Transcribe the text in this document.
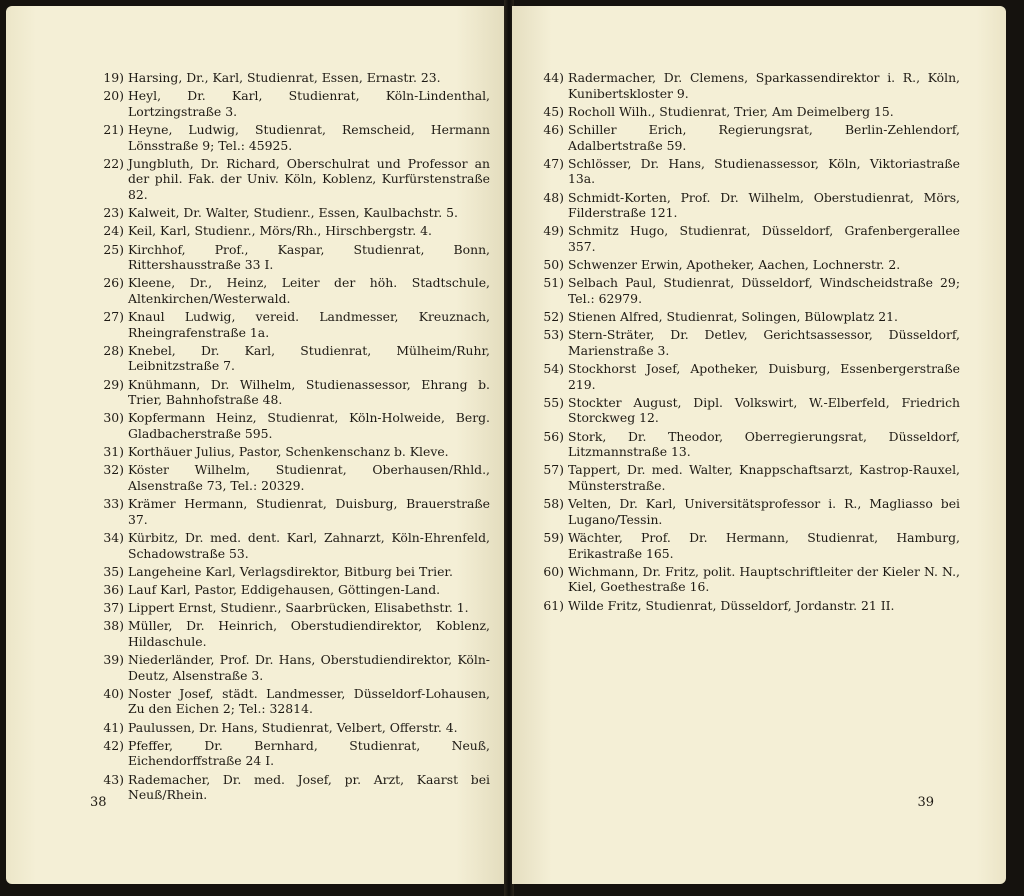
19) Harsing, Dr., Karl, Studienrat, Essen, Ernastr. 23.
20) Heyl, Dr. Karl, Studienrat, Köln-Lindenthal, Lortzingstraße 3.
21) Heyne, Ludwig, Studienrat, Remscheid, Hermann Lönsstraße 9; Tel.: 45925.
22) Jungbluth, Dr. Richard, Oberschulrat und Professor an der phil. Fak. der Univ. Köln, Koblenz, Kurfürstenstraße 82.
23) Kalweit, Dr. Walter, Studienr., Essen, Kaulbachstr. 5.
24) Keil, Karl, Studienr., Mörs/Rh., Hirschbergstr. 4.
25) Kirchhof, Prof., Kaspar, Studienrat, Bonn, Rittershausstraße 33 I.
26) Kleene, Dr., Heinz, Leiter der höh. Stadtschule, Altenkirchen/Westerwald.
27) Knaul Ludwig, vereid. Landmesser, Kreuznach, Rheingrafenstraße 1a.
28) Knebel, Dr. Karl, Studienrat, Mülheim/Ruhr, Leibnitzstraße 7.
29) Knühmann, Dr. Wilhelm, Studienassessor, Ehrang b. Trier, Bahnhofstraße 48.
30) Kopfermann Heinz, Studienrat, Köln-Holweide, Berg. Gladbacherstraße 595.
31) Korthäuer Julius, Pastor, Schenkenschanz b. Kleve.
32) Köster Wilhelm, Studienrat, Oberhausen/Rhld., Alsenstraße 73, Tel.: 20329.
33) Krämer Hermann, Studienrat, Duisburg, Brauerstraße 37.
34) Kürbitz, Dr. med. dent. Karl, Zahnarzt, Köln-Ehrenfeld, Schadowstraße 53.
35) Langeheine Karl, Verlagsdirektor, Bitburg bei Trier.
36) Lauf Karl, Pastor, Eddigehausen, Göttingen-Land.
37) Lippert Ernst, Studienr., Saarbrücken, Elisabethstr. 1.
38) Müller, Dr. Heinrich, Oberstudiendirektor, Koblenz, Hildaschule.
39) Niederländer, Prof. Dr. Hans, Oberstudiendirektor, Köln-Deutz, Alsenstraße 3.
40) Noster Josef, städt. Landmesser, Düsseldorf-Lohausen, Zu den Eichen 2; Tel.: 32814.
41) Paulussen, Dr. Hans, Studienrat, Velbert, Offerstr. 4.
42) Pfeffer, Dr. Bernhard, Studienrat, Neuß, Eichendorffstraße 24 I.
43) Rademacher, Dr. med. Josef, pr. Arzt, Kaarst bei Neuß/Rhein.
38
44) Radermacher, Dr. Clemens, Sparkassendirektor i. R., Köln, Kunibertskloster 9.
45) Rocholl Wilh., Studienrat, Trier, Am Deimelberg 15.
46) Schiller Erich, Regierungsrat, Berlin-Zehlendorf, Adalbertstraße 59.
47) Schlösser, Dr. Hans, Studienassessor, Köln, Viktoriastraße 13a.
48) Schmidt-Korten, Prof. Dr. Wilhelm, Oberstudienrat, Mörs, Filderstraße 121.
49) Schmitz Hugo, Studienrat, Düsseldorf, Grafenbergerallee 357.
50) Schwenzer Erwin, Apotheker, Aachen, Lochnerstr. 2.
51) Selbach Paul, Studienrat, Düsseldorf, Windscheidstraße 29; Tel.: 62979.
52) Stienen Alfred, Studienrat, Solingen, Bülowplatz 21.
53) Stern-Sträter, Dr. Detlev, Gerichtsassessor, Düsseldorf, Marienstraße 3.
54) Stockhorst Josef, Apotheker, Duisburg, Essenbergerstraße 219.
55) Stockter August, Dipl. Volkswirt, W.-Elberfeld, Friedrich Storckweg 12.
56) Stork, Dr. Theodor, Oberregierungsrat, Düsseldorf, Litzmannstraße 13.
57) Tappert, Dr. med. Walter, Knappschaftsarzt, Kastrop-Rauxel, Münsterstraße.
58) Velten, Dr. Karl, Universitätsprofessor i. R., Magliasso bei Lugano/Tessin.
59) Wächter, Prof. Dr. Hermann, Studienrat, Hamburg, Erikastraße 165.
60) Wichmann, Dr. Fritz, polit. Hauptschriftleiter der Kieler N. N., Kiel, Goethestraße 16.
61) Wilde Fritz, Studienrat, Düsseldorf, Jordanstr. 21 II.
39
